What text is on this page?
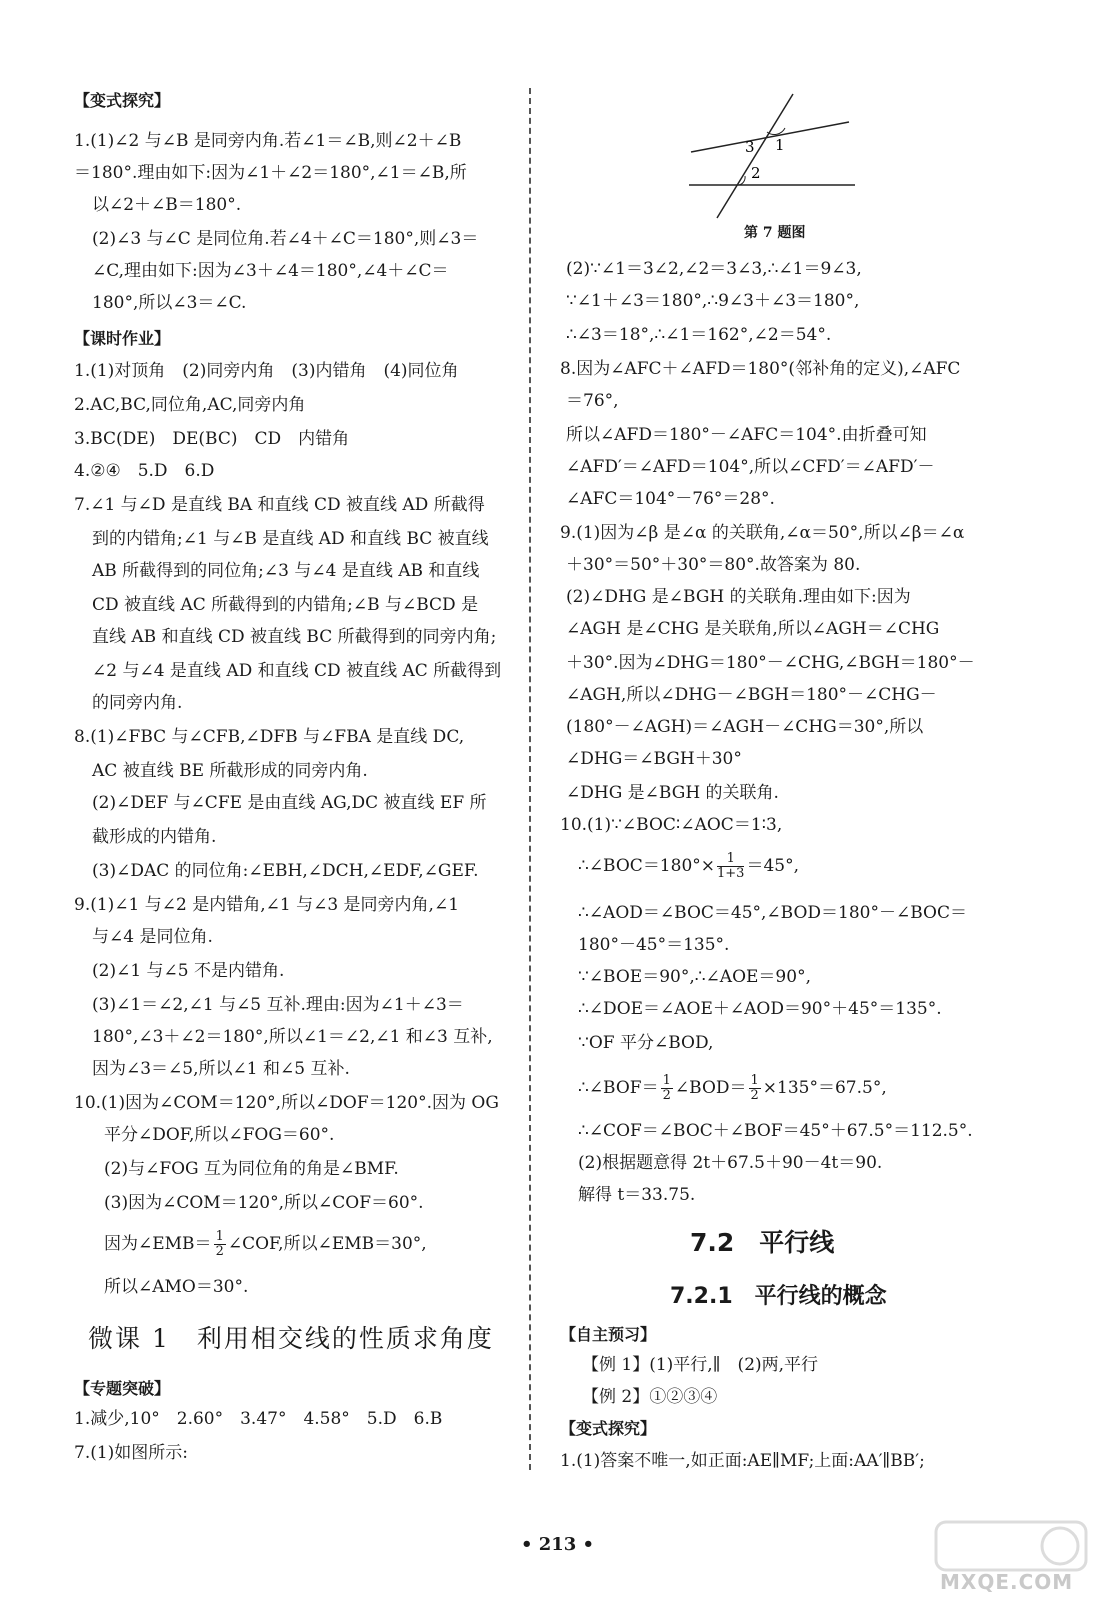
【变式探究】
1.(1)∠2 与∠B 是同旁内角.若∠1＝∠B,则∠2＋∠B
＝180°.理由如下:因为∠1＋∠2＝180°,∠1＝∠B,所
以∠2＋∠B＝180°.
(2)∠3 与∠C 是同位角.若∠4＋∠C＝180°,则∠3＝
∠C,理由如下:因为∠3＋∠4＝180°,∠4＋∠C＝
180°,所以∠3＝∠C.
【课时作业】
1.(1)对顶角　(2)同旁内角　(3)内错角　(4)同位角
2.AC,BC,同位角,AC,同旁内角
3.BC(DE)　DE(BC)　CD　内错角
4.②④　5.D　6.D
7.∠1 与∠D 是直线 BA 和直线 CD 被直线 AD 所截得
到的内错角;∠1 与∠B 是直线 AD 和直线 BC 被直线
AB 所截得到的同位角;∠3 与∠4 是直线 AB 和直线
CD 被直线 AC 所截得到的内错角;∠B 与∠BCD 是
直线 AB 和直线 CD 被直线 BC 所截得到的同旁内角;
∠2 与∠4 是直线 AD 和直线 CD 被直线 AC 所截得到
的同旁内角.
8.(1)∠FBC 与∠CFB,∠DFB 与∠FBA 是直线 DC,
AC 被直线 BE 所截形成的同旁内角.
(2)∠DEF 与∠CFE 是由直线 AG,DC 被直线 EF 所
截形成的内错角.
(3)∠DAC 的同位角:∠EBH,∠DCH,∠EDF,∠GEF.
9.(1)∠1 与∠2 是内错角,∠1 与∠3 是同旁内角,∠1
与∠4 是同位角.
(2)∠1 与∠5 不是内错角.
(3)∠1＝∠2,∠1 与∠5 互补.理由:因为∠1＋∠3＝
180°,∠3＋∠2＝180°,所以∠1＝∠2,∠1 和∠3 互补,
因为∠3＝∠5,所以∠1 和∠5 互补.
10.(1)因为∠COM＝120°,所以∠DOF＝120°.因为 OG
平分∠DOF,所以∠FOG＝60°.
(2)与∠FOG 互为同位角的角是∠BMF.
(3)因为∠COM＝120°,所以∠COF＝60°.
因为∠EMB＝ $\frac{1}{2}$ ∠COF,所以∠EMB＝30°,
所以∠AMO＝30°.
微课 1　利用相交线的性质求角度
【专题突破】
1.减少,10°　2.60°　3.47°　4.58°　5.D　6.B
7.(1)如图所示:
3 1
2
第 7 题图
(2)∵∠1＝3∠2,∠2＝3∠3,∴∠1＝9∠3,
∵∠1＋∠3＝180°,∴9∠3＋∠3＝180°,
∴∠3＝18°,∴∠1＝162°,∠2＝54°.
8.因为∠AFC＋∠AFD＝180°(邻补角的定义),∠AFC
＝76°,
所以∠AFD＝180°－∠AFC＝104°.由折叠可知
∠AFD′＝∠AFD＝104°,所以∠CFD′＝∠AFD′－
∠AFC＝104°－76°＝28°.
9.(1)因为∠β 是∠α 的关联角,∠α＝50°,所以∠β＝∠α
＋30°＝50°＋30°＝80°.故答案为 80.
(2)∠DHG 是∠BGH 的关联角.理由如下:因为
∠AGH 是∠CHG 是关联角,所以∠AGH＝∠CHG
＋30°.因为∠DHG＝180°－∠CHG,∠BGH＝180°－
∠AGH,所以∠DHG－∠BGH＝180°－∠CHG－
(180°－∠AGH)＝∠AGH－∠CHG＝30°,所以
∠DHG＝∠BGH＋30°
∠DHG 是∠BGH 的关联角.
10.(1)∵∠BOC∶∠AOC＝1∶3,
∴∠BOC＝180°× $\frac{1}{1+3} =45^\circ$,
∴∠AOD＝∠BOC＝45°,∠BOD＝180°－∠BOC＝
180°－45°＝135°.
∵∠BOE＝90°,∴∠AOE＝90°,
∴∠DOE＝∠AOE＋∠AOD＝90°＋45°＝135°.
∵OF 平分∠BOD,
∴∠BOF＝ $\frac{1}{2}$ ∠BOD＝ $\frac{1}{2} \times 135^\circ=67.5^\circ$,
∴∠COF＝∠BOC＋∠BOF＝45°＋67.5°＝112.5°.
(2)根据题意得 2t＋67.5＋90－4t＝90.
解得 t＝33.75.
7.2　平行线
7.2.1　平行线的概念
【自主预习】
【例 1】(1)平行,∥　(2)两,平行
【例 2】①②③④
【变式探究】
1.(1)答案不唯一,如正面:AE∥MF;上面:AA′∥BB′;
• 213 •
MXQE.COM
